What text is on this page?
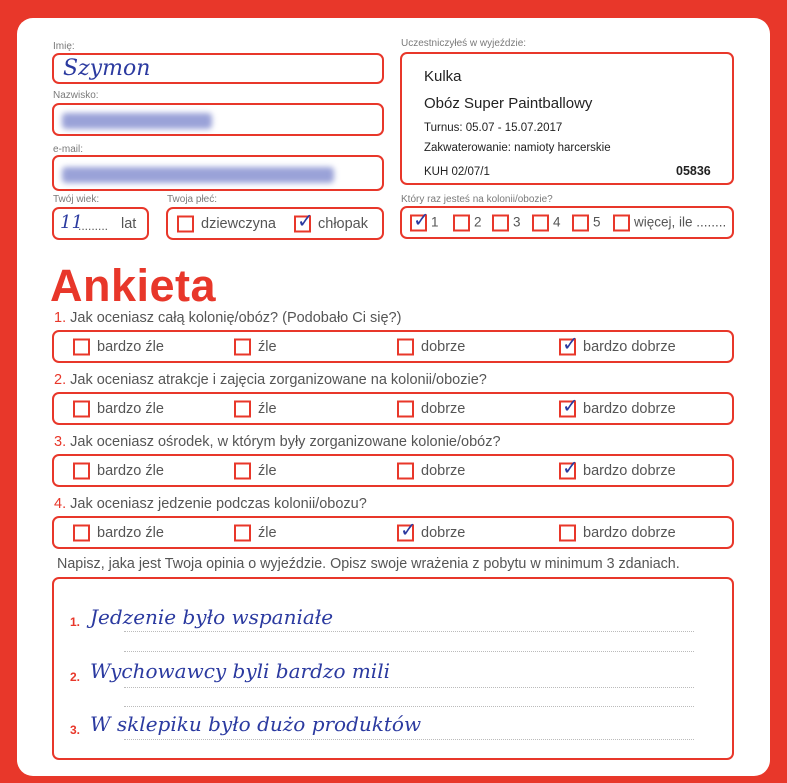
Imię:
Szymon
Nazwisko:
e-mail:
Twój wiek:
11
......... lat
Twoja płeć:
dziewczyna ✓ chłopak
Uczestniczyłeś w wyjeździe:
Kulka
Obóz Super Paintballowy
Turnus: 05.07 - 15.07.2017
Zakwaterowanie: namioty harcerskie
KUH 02/07/1	05836
Który raz jesteś na kolonii/obozie?
✓ 1	2	3	4	5	więcej, ile ........
Ankieta
1. Jak oceniasz całą kolonię/obóz? (Podobało Ci się?)
bardzo źle	źle	dobrze	✓ bardzo dobrze
2. Jak oceniasz atrakcje i zajęcia zorganizowane na kolonii/obozie?
bardzo źle	źle	dobrze	✓ bardzo dobrze
3. Jak oceniasz ośrodek, w którym były zorganizowane kolonie/obóz?
bardzo źle	źle	dobrze	✓ bardzo dobrze
4. Jak oceniasz jedzenie podczas kolonii/obozu?
bardzo źle	źle	✓ dobrze	bardzo dobrze
Napisz, jaka jest Twoja opinia o wyjeździe. Opisz swoje wrażenia z pobytu w minimum 3 zdaniach.
1. Jedzenie było wspaniałe
2. Wychowawcy byli bardzo mili
3. W sklepiku było dużo produktów
